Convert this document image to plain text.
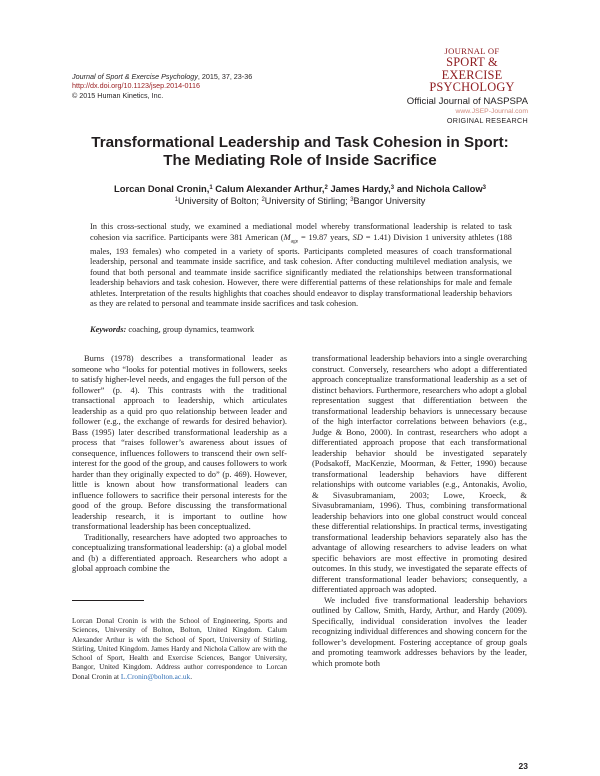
Journal of Sport & Exercise Psychology, 2015, 37, 23-36
http://dx.doi.org/10.1123/jsep.2014-0116
© 2015 Human Kinetics, Inc.
JOURNAL OF
SPORT & EXERCISE
PSYCHOLOGY
Official Journal of NASPSPA
www.JSEP-Journal.com
ORIGINAL RESEARCH
Transformational Leadership and Task Cohesion in Sport:
The Mediating Role of Inside Sacrifice
Lorcan Donal Cronin,$^1$ Calum Alexander Arthur,$^2$ James Hardy,$^3$ and Nichola Callow$^3$
$^1$University of Bolton; $^2$University of Stirling; $^3$Bangor University
In this cross-sectional study, we examined a mediational model whereby transformational leadership is related to task cohesion via sacrifice. Participants were 381 American ($M_{age} = 19.87$ years, SD = 1.41) Division 1 university athletes (188 males, 193 females) who competed in a variety of sports. Participants completed measures of coach transformational leadership, personal and teammate inside sacrifice, and task cohesion. After conducting multilevel mediation analysis, we found that both personal and teammate inside sacrifice significantly mediated the relationships between transformational leadership behaviors and task cohesion. However, there were differential patterns of these relationships for male and female athletes. Interpretation of the results highlights that coaches should endeavor to display transformational leadership behaviors as they are related to personal and teammate inside sacrifices and task cohesion.
Keywords: coaching, group dynamics, teamwork

Burns (1978) describes a transformational leader as someone who “looks for potential motives in followers, seeks to satisfy higher-level needs, and engages the full person of the follower” (p. 4). This contrasts with the traditional transactional approach to leadership, which articulates leadership as a quid pro quo relationship between leader and follower (e.g., the exchange of rewards for desired behavior). Bass (1995) later described transformational leadership as a process that “raises follower’s awareness about issues of consequence, influences followers to transcend their own self-interest for the good of the group, and causes followers to work harder than they originally expected to do” (p. 469). However, little is known about how transformational leaders can influence followers to sacrifice their personal interests for the good of the group. Before discussing the transformational leadership research, it is important to outline how transformational leadership has been conceptualized.

Traditionally, researchers have adopted two approaches to conceptualizing transformational leadership: (a) a global model and (b) a differentiated approach. Researchers who adopt a global approach combine the

transformational leadership behaviors into a single overarching construct. Conversely, researchers who adopt a differentiated approach conceptualize transformational leadership as a set of distinct behaviors. Furthermore, researchers who adopt a global representation suggest that differentiation between the transformational leadership behaviors is unnecessary because of the high interfactor correlations between behaviors (e.g., Judge & Bono, 2000). In contrast, researchers who adopt a differentiated approach propose that each transformational leadership behavior should be investigated separately (Podsakoff, MacKenzie, Moorman, & Fetter, 1990) because transformational leadership behaviors have different relationships with outcome variables (e.g., Antonakis, Avolio, & Sivasubramaniam, 2003; Lowe, Kroeck, & Sivasubramaniam, 1996). Thus, combining transformational leadership behaviors into one global construct would conceal these differential relationships. In practical terms, investigating transformational leadership behaviors separately also has the advantage of allowing researchers to advise leaders on what specific behaviors are most effective in promoting desired outcomes. In this study, we investigated the separate effects of different transformational leader behaviors; consequently, a differentiated approach was adopted.

We included five transformational leadership behaviors outlined by Callow, Smith, Hardy, Arthur, and Hardy (2009). Specifically, individual consideration involves the leader recognizing individual differences and showing concern for the follower’s development. Fostering acceptance of group goals and promoting teamwork addresses behaviors by the leader, which promote both

Lorcan Donal Cronin is with the School of Engineering, Sports and Sciences, University of Bolton, Bolton, United Kingdom. Calum Alexander Arthur is with the School of Sport, University of Stirling, Stirling, United Kingdom. James Hardy and Nichola Callow are with the School of Sport, Health and Exercise Sciences, Bangor University, Bangor, United Kingdom. Address author correspondence to Lorcan Donal Cronin at L.Cronin@bolton.ac.uk.
23
